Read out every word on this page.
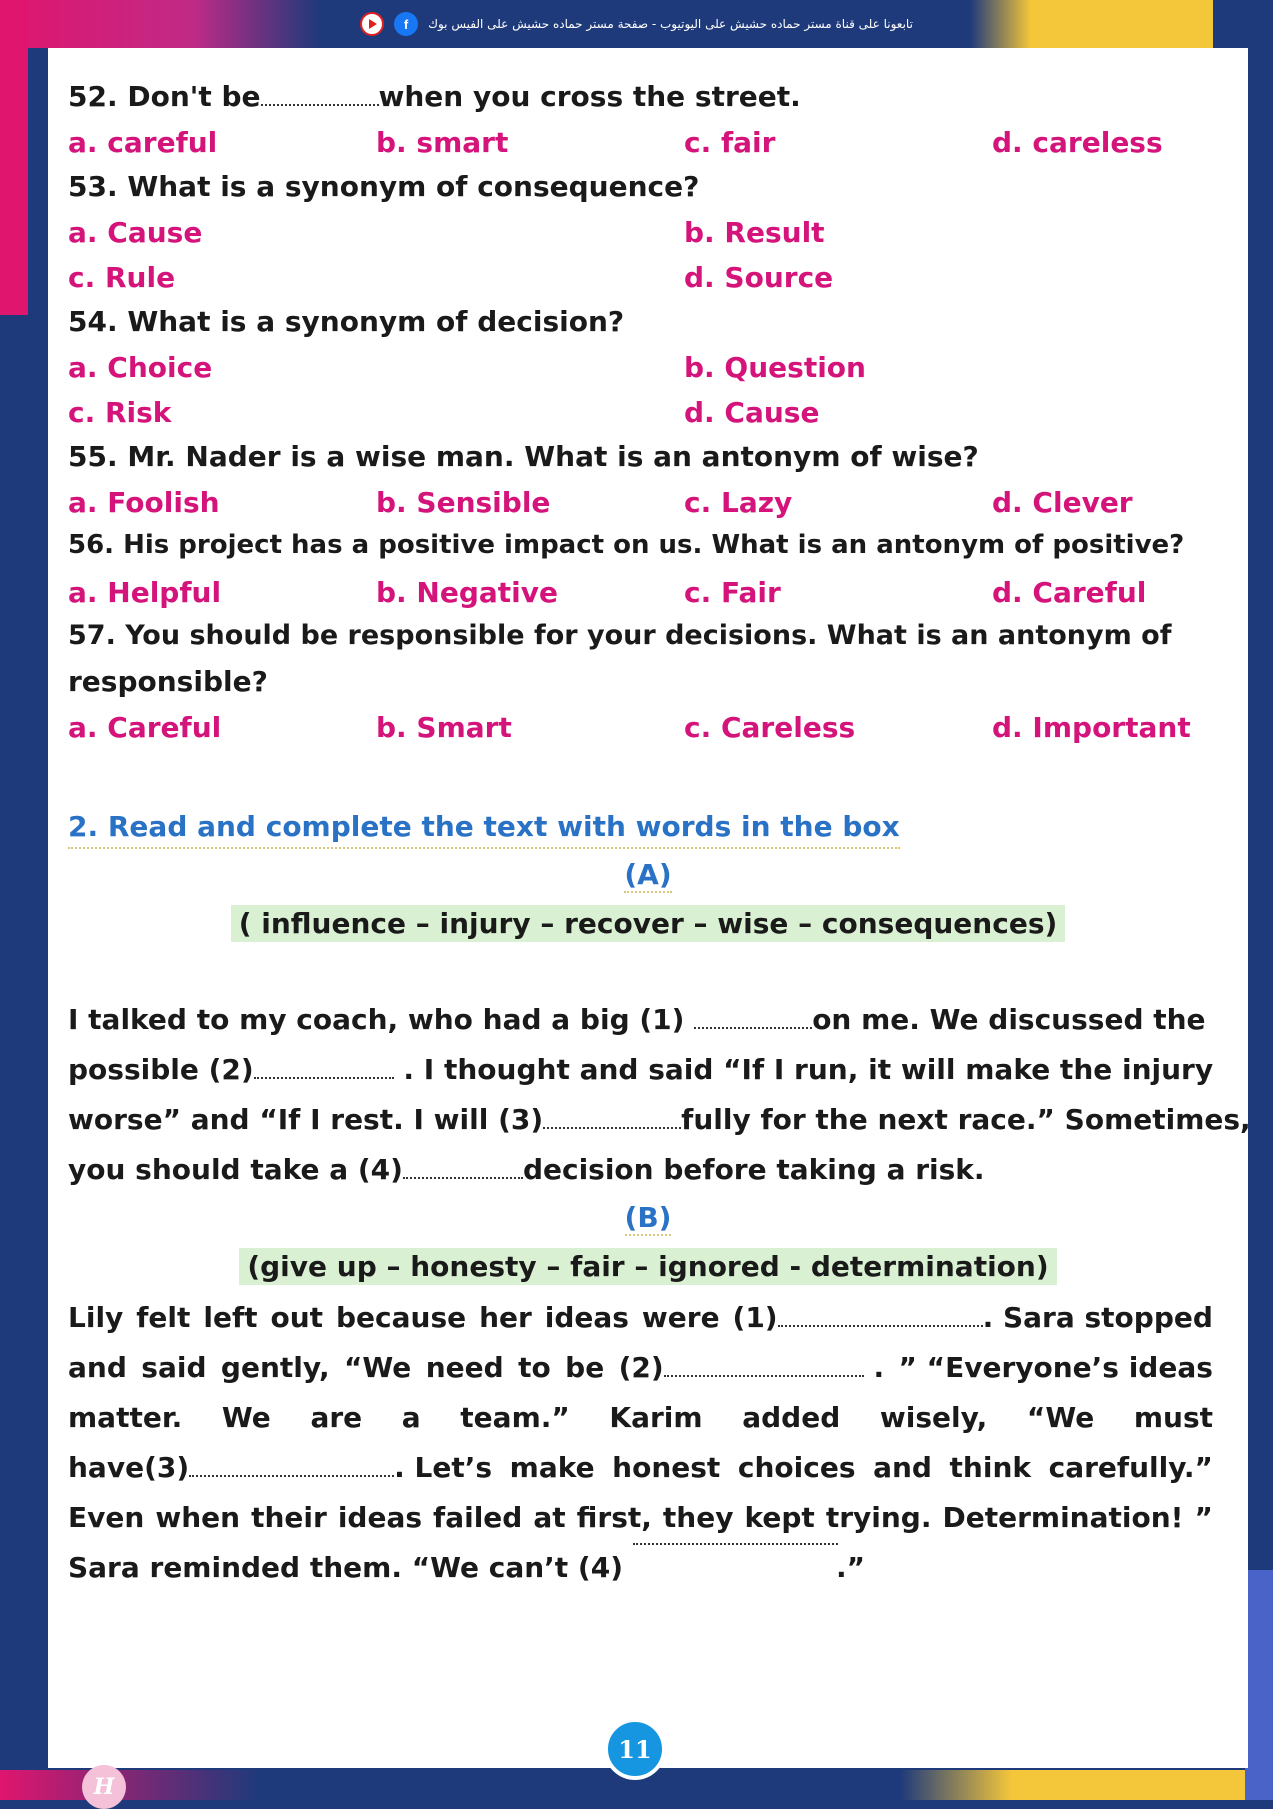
f	تابعونا على قناة مستر حماده حشيش على اليوتيوب - صفحة مستر حماده حشيش على الفيس بوك
52. Don't be	when you cross the street.
a. careful	b. smart	c. fair	d. careless
53. What is a synonym of consequence?
a. Cause	b. Result
c. Rule	d. Source
54. What is a synonym of decision?
a. Choice	b. Question
c. Risk	d. Cause
55. Mr. Nader is a wise man. What is an antonym of wise?
a. Foolish	b. Sensible	c. Lazy	d. Clever
56. His project has a positive impact on us. What is an antonym of positive?
a. Helpful	b. Negative	c. Fair	d. Careful
57. You should be responsible for your decisions. What is an antonym of
responsible?
a. Careful	b. Smart	c. Careless	d. Important
2. Read and complete the text with words in the box
(A)
( influence – injury – recover – wise – consequences)
I talked to my coach, who had a big (1)	on me. We discussed the
possible (2)	. I thought and said “If I run, it will make the injury
worse” and “If I rest. I will (3)	fully for the next race.” Sometimes,
you should take a (4)	decision before taking a risk.
(B)
(give up – honesty – fair – ignored - determination)
Lily felt left out because her ideas were (1)	. Sara stopped
and said gently, “We need to be (2)	. ” “Everyone’s ideas
matter. We are a team.” Karim added wisely, “We must
have(3)	. Let’s make honest choices and think carefully.”
Even when their ideas failed at first, they kept trying. Determination! ”
Sara reminded them. “We can’t (4)	.”
H
11
